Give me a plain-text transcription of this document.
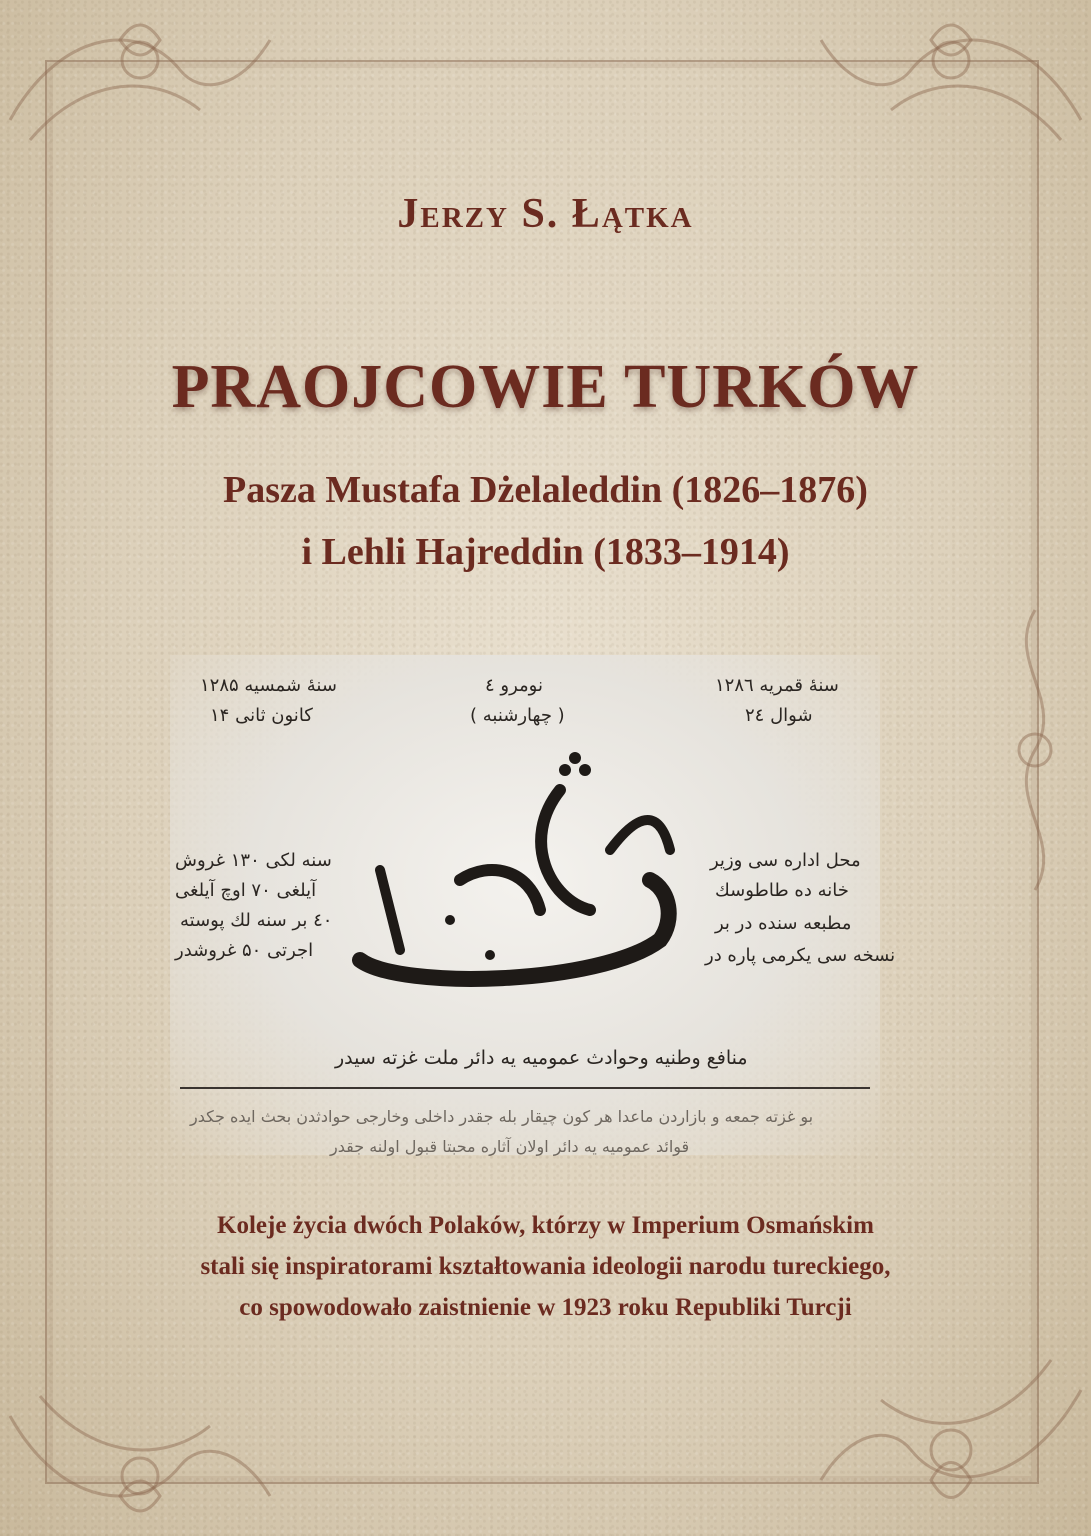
Jerzy S. Łątka
PRAOJCOWIE TURKÓW
Pasza Mustafa Dżelaleddin (1826–1876)
i Lehli Hajreddin (1833–1914)
سنهٔ شمسیه ۱۲۸۵
کانون ثانی ۱۴
نومرو ٤
( چهارشنبه )
سنهٔ قمریه ۱۲۸٦
شوال ۲٤
سنه لکی ۱۳۰ غروش
آیلغی ۷۰ اوچ آیلغی
٤۰ بر سنه لك پوسته
اجرتی ۵۰ غروشدر
محل اداره سی وزیر
خانه ده طاطوسك
مطبعه سنده در بر
نسخه سی یکرمی پاره در
منافع وطنیه وحوادث عمومیه یه دائر ملت غزته سیدر
بو غزته جمعه و بازاردن ماعدا هر کون چیقار بله جقدر داخلی وخارجی حوادثدن بحث ایده جکدر
قوائد عمومیه یه دائر اولان آثاره محبتا قبول اولنه جقدر
Koleje życia dwóch Polaków, którzy w Imperium Osmańskim
stali się inspiratorami kształtowania ideologii narodu tureckiego,
co spowodowało zaistnienie w 1923 roku Republiki Turcji
